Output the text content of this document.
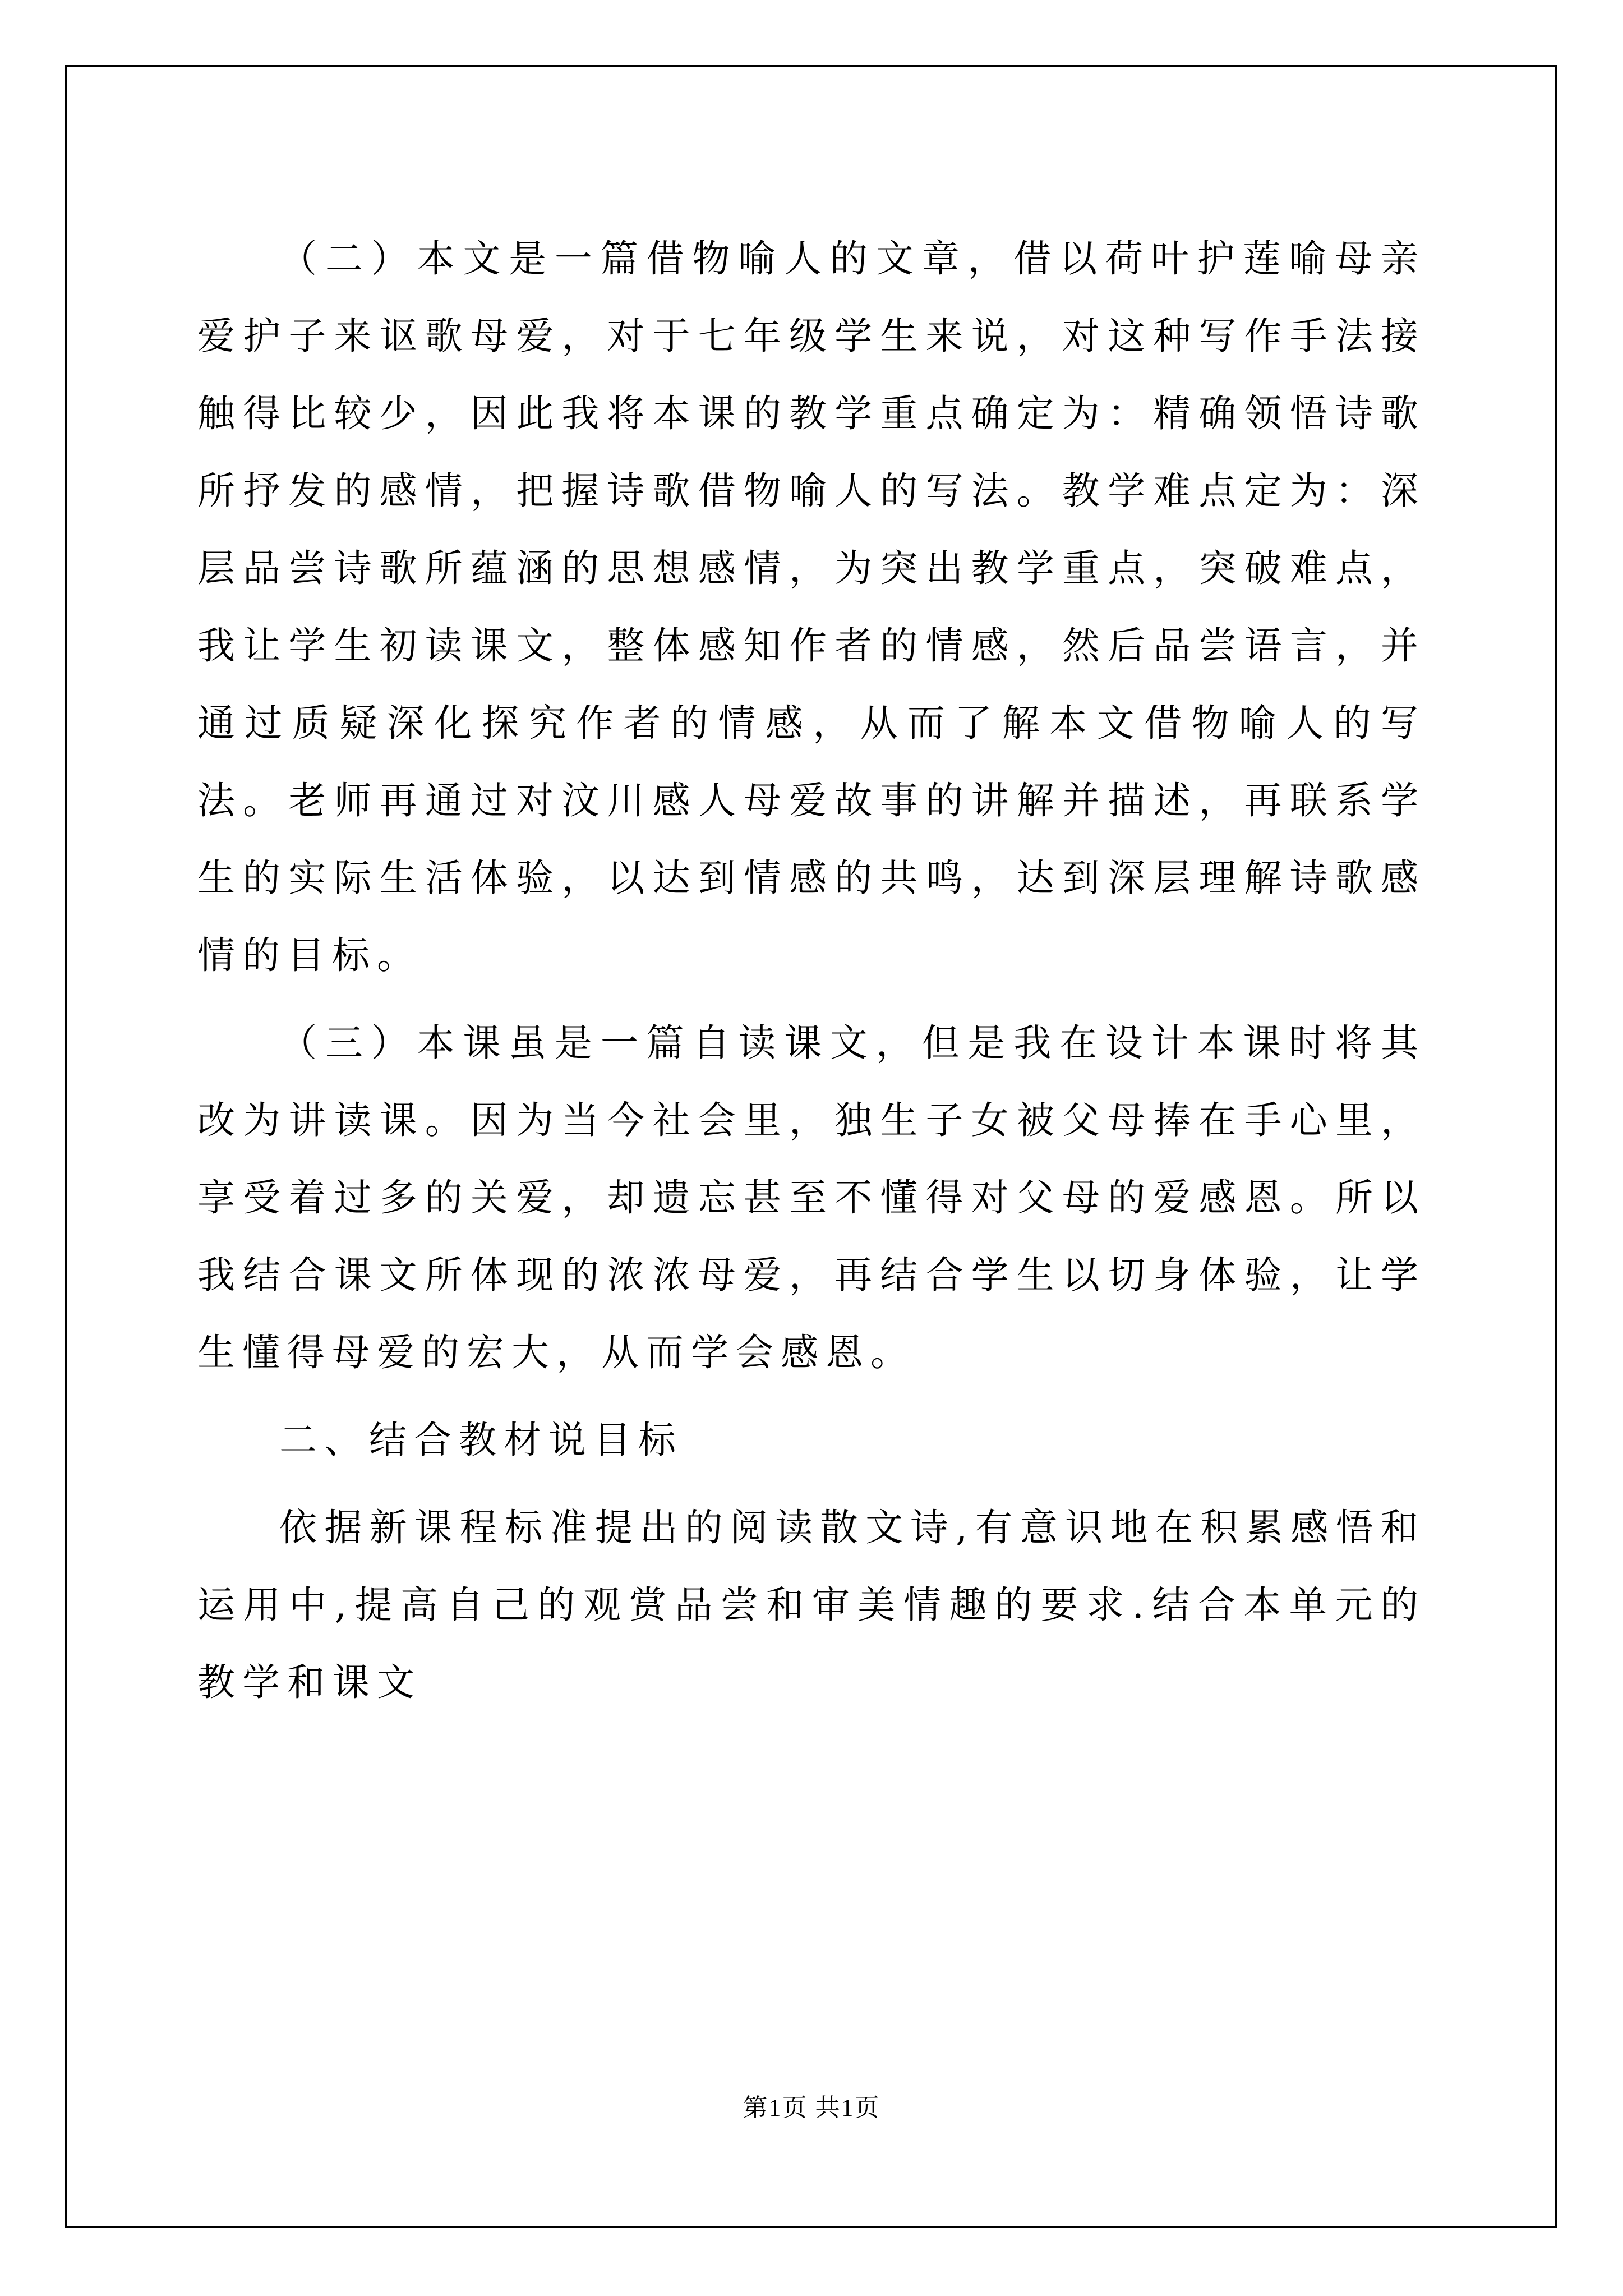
（二）本文是一篇借物喻人的文章，借以荷叶护莲喻母亲爱护子来讴歌母爱，对于七年级学生来说，对这种写作手法接触得比较少，因此我将本课的教学重点确定为：精确领悟诗歌所抒发的感情，把握诗歌借物喻人的写法。教学难点定为：深层品尝诗歌所蕴涵的思想感情，为突出教学重点，突破难点，我让学生初读课文，整体感知作者的情感，然后品尝语言，并通过质疑深化探究作者的情感，从而了解本文借物喻人的写法。老师再通过对汶川感人母爱故事的讲解并描述，再联系学生的实际生活体验，以达到情感的共鸣，达到深层理解诗歌感情的目标。

（三）本课虽是一篇自读课文，但是我在设计本课时将其改为讲读课。因为当今社会里，独生子女被父母捧在手心里，享受着过多的关爱，却遗忘甚至不懂得对父母的爱感恩。所以我结合课文所体现的浓浓母爱，再结合学生以切身体验，让学生懂得母爱的宏大，从而学会感恩。

二、结合教材说目标

依据新课程标准提出的阅读散文诗,有意识地在积累感悟和运用中,提高自己的观赏品尝和审美情趣的要求.结合本单元的教学和课文

第1页 共1页
